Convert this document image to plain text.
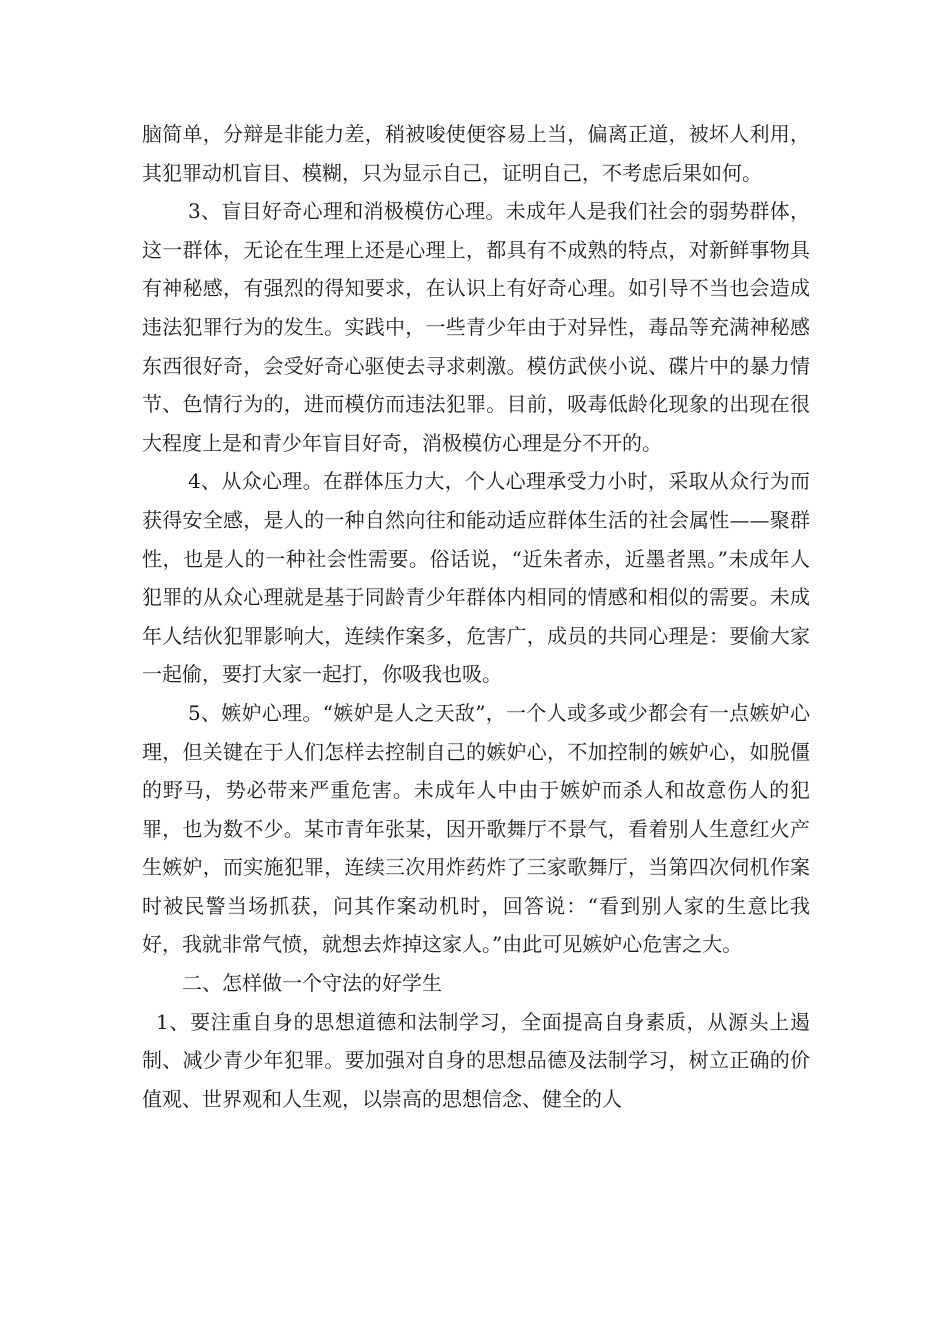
脑简单，分辩是非能力差，稍被唆使便容易上当，偏离正道，被坏人利用，其犯罪动机盲目、模糊，只为显示自己，证明自己，不考虑后果如何。

3、盲目好奇心理和消极模仿心理。未成年人是我们社会的弱势群体，这一群体，无论在生理上还是心理上，都具有不成熟的特点，对新鲜事物具有神秘感，有强烈的得知要求，在认识上有好奇心理。如引导不当也会造成违法犯罪行为的发生。实践中，一些青少年由于对异性，毒品等充满神秘感东西很好奇，会受好奇心驱使去寻求刺激。模仿武侠小说、碟片中的暴力情节、色情行为的，进而模仿而违法犯罪。目前，吸毒低龄化现象的出现在很大程度上是和青少年盲目好奇，消极模仿心理是分不开的。

4、从众心理。在群体压力大，个人心理承受力小时，采取从众行为而获得安全感，是人的一种自然向往和能动适应群体生活的社会属性——聚群性，也是人的一种社会性需要。俗话说，“近朱者赤，近墨者黑。”未成年人犯罪的从众心理就是基于同龄青少年群体内相同的情感和相似的需要。未成年人结伙犯罪影响大，连续作案多，危害广，成员的共同心理是：要偷大家一起偷，要打大家一起打，你吸我也吸。

5、嫉妒心理。“嫉妒是人之天敌”，一个人或多或少都会有一点嫉妒心理，但关键在于人们怎样去控制自己的嫉妒心，不加控制的嫉妒心，如脱僵的野马，势必带来严重危害。未成年人中由于嫉妒而杀人和故意伤人的犯罪，也为数不少。某市青年张某，因开歌舞厅不景气，看着别人生意红火产生嫉妒，而实施犯罪，连续三次用炸药炸了三家歌舞厅，当第四次伺机作案时被民警当场抓获，问其作案动机时，回答说：“看到别人家的生意比我好，我就非常气愤，就想去炸掉这家人。”由此可见嫉妒心危害之大。

二、怎样做一个守法的好学生

1、要注重自身的思想道德和法制学习，全面提高自身素质，从源头上遏制、减少青少年犯罪。要加强对自身的思想品德及法制学习，树立正确的价值观、世界观和人生观，以崇高的思想信念、健全的人
